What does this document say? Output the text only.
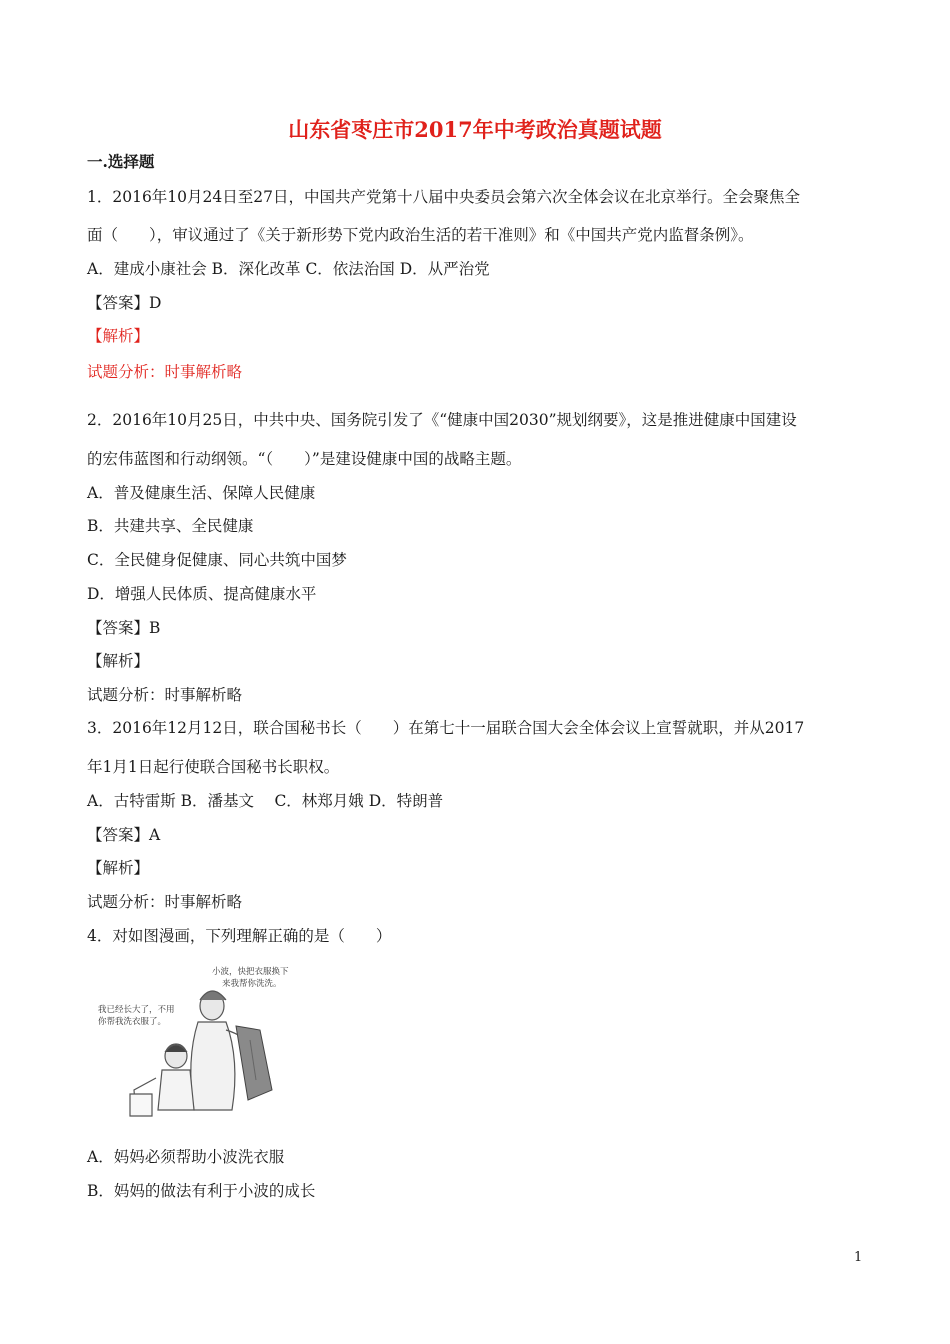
山东省枣庄市2017年中考政治真题试题
一.选择题
1．2016年10月24日至27日，中国共产党第十八届中央委员会第六次全体会议在北京举行。全会聚焦全
面（　　），审议通过了《关于新形势下党内政治生活的若干准则》和《中国共产党内监督条例》。
A．建成小康社会 B．深化改革 C．依法治国 D．从严治党
【答案】D
【解析】
试题分析：时事解析略
2．2016年10月25日，中共中央、国务院引发了《“健康中国2030”规划纲要》，这是推进健康中国建设
的宏伟蓝图和行动纲领。“（　　）”是建设健康中国的战略主题。
A．普及健康生活、保障人民健康
B．共建共享、全民健康
C．全民健身促健康、同心共筑中国梦
D．增强人民体质、提高健康水平
【答案】B
【解析】
试题分析：时事解析略
3．2016年12月12日，联合国秘书长（　　）在第七十一届联合国大会全体会议上宣誓就职，并从2017
年1月1日起行使联合国秘书长职权。
A．古特雷斯 B．潘基文　 C．林郑月娥 D．特朗普
【答案】A
【解析】
试题分析：时事解析略
4．对如图漫画，下列理解正确的是（　　）
小波，快把衣服换下
来我帮你洗洗。
我已经长大了，不用
你帮我洗衣服了。
A．妈妈必须帮助小波洗衣服
B．妈妈的做法有利于小波的成长
1
